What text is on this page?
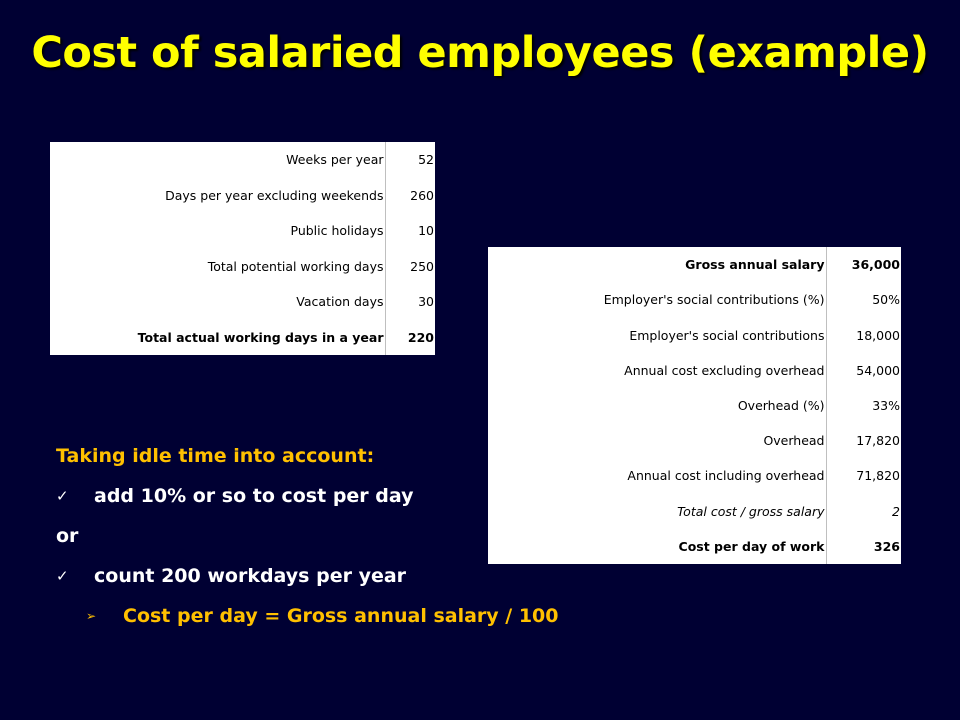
Cost of salaried employees (example)
Weeks per year	52
Days per year excluding weekends	260
Public holidays	10
Total potential working days	250
Vacation days	30
Total actual working days in a year	220
Gross annual salary	36,000
Employer's social contributions (%)	50%
Employer's social contributions	18,000
Annual cost excluding overhead	54,000
Overhead (%)	33%
Overhead	17,820
Annual cost including overhead	71,820
Total cost / gross salary	2
Cost per day of work	326
Taking idle time into account:
✓	add 10% or so to cost per day
or
✓	count 200 workdays per year
➢	Cost per day = Gross annual salary / 100
